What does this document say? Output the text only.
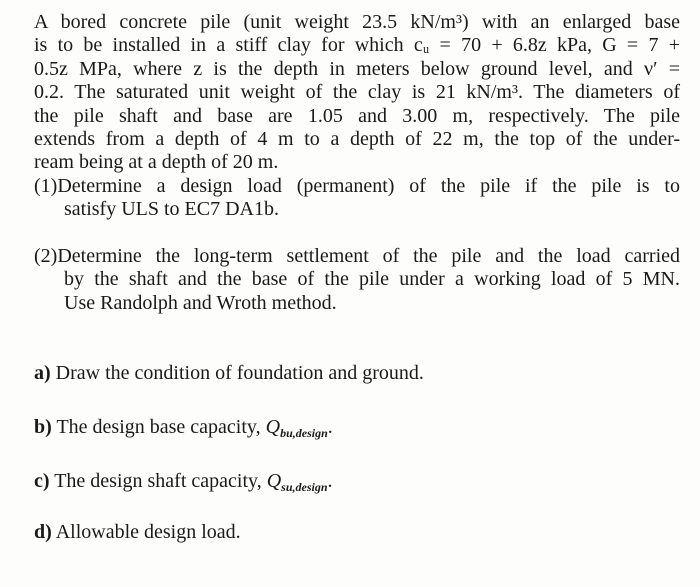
A bored concrete pile (unit weight 23.5 kN/m³) with an enlarged base
is to be installed in a stiff clay for which cᵤ = 70 + 6.8z kPa, G = 7 +
0.5z MPa, where z is the depth in meters below ground level, and ν′ =
0.2. The saturated unit weight of the clay is 21 kN/m³. The diameters of
the pile shaft and base are 1.05 and 3.00 m, respectively. The pile
extends from a depth of 4 m to a depth of 22 m, the top of the under-
ream being at a depth of 20 m.
(1)Determine a design load (permanent) of the pile if the pile is to
satisfy ULS to EC7 DA1b.
(2)Determine the long-term settlement of the pile and the load carried
by the shaft and the base of the pile under a working load of 5 MN.
Use Randolph and Wroth method.
a) Draw the condition of foundation and ground.
b) The design base capacity, $Q_{bu,design}$.
c) The design shaft capacity, $Q_{su,design}$.
d) Allowable design load.
